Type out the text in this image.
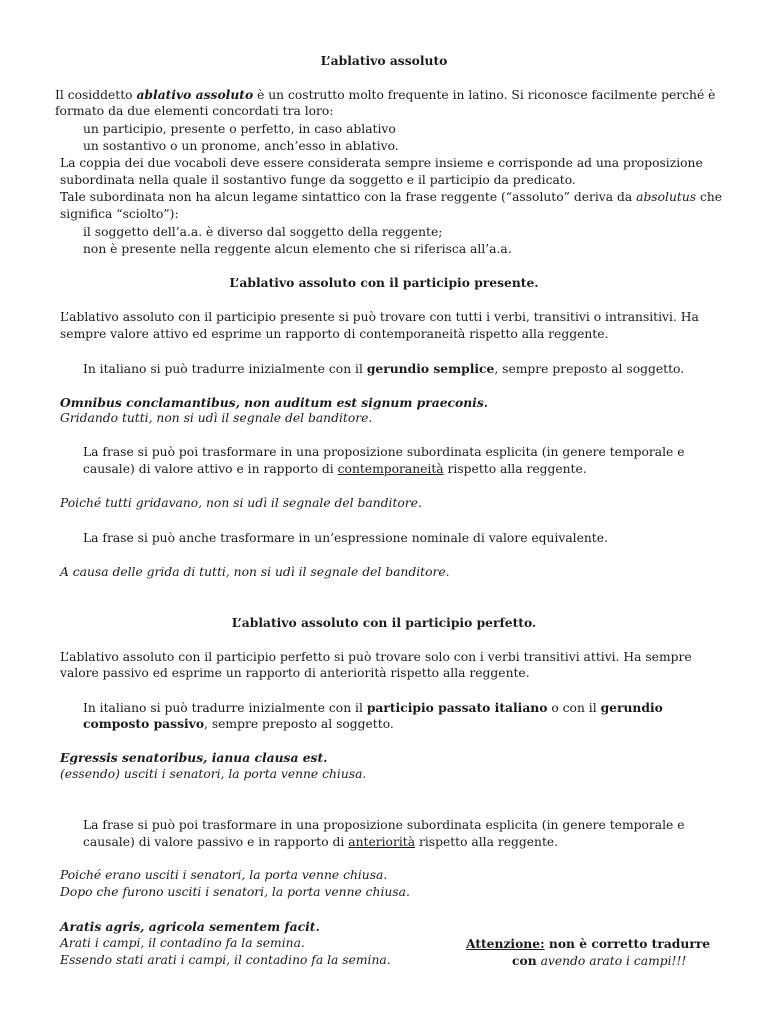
L’ablativo assoluto

Il cosiddetto ablativo assoluto è un costrutto molto frequente in latino. Si riconosce facilmente perché è

formato da due elementi concordati tra loro:

un participio, presente o perfetto, in caso ablativo

un sostantivo o un pronome, anch’esso in ablativo.

La coppia dei due vocaboli deve essere considerata sempre insieme e corrisponde ad una proposizione

subordinata nella quale il sostantivo funge da soggetto e il participio da predicato.

Tale subordinata non ha alcun legame sintattico con la frase reggente (“assoluto” deriva da absolutus che

significa “sciolto”):

il soggetto dell’a.a. è diverso dal soggetto della reggente;

non è presente nella reggente alcun elemento che si riferisca all’a.a.

L’ablativo assoluto con il participio presente.

L’ablativo assoluto con il participio presente si può trovare con tutti i verbi, transitivi o intransitivi. Ha

sempre valore attivo ed esprime un rapporto di contemporaneità rispetto alla reggente.

In italiano si può tradurre inizialmente con il gerundio semplice, sempre preposto al soggetto.

Omnibus conclamantibus, non auditum est signum praeconis.

Gridando tutti, non si udì il segnale del banditore.

La frase si può poi trasformare in una proposizione subordinata esplicita (in genere temporale e

causale) di valore attivo e in rapporto di contemporaneità rispetto alla reggente.

Poiché tutti gridavano, non si udì il segnale del banditore.

La frase si può anche trasformare in un’espressione nominale di valore equivalente.

A causa delle grida di tutti, non si udì il segnale del banditore.

L’ablativo assoluto con il participio perfetto.

L’ablativo assoluto con il participio perfetto si può trovare solo con i verbi transitivi attivi. Ha sempre

valore passivo ed esprime un rapporto di anteriorità rispetto alla reggente.

In italiano si può tradurre inizialmente con il participio passato italiano o con il gerundio

composto passivo, sempre preposto al soggetto.

Egressis senatoribus, ianua clausa est.

(essendo) usciti i senatori, la porta venne chiusa.

La frase si può poi trasformare in una proposizione subordinata esplicita (in genere temporale e

causale) di valore passivo e in rapporto di anteriorità rispetto alla reggente.

Poiché erano usciti i senatori, la porta venne chiusa.

Dopo che furono usciti i senatori, la porta venne chiusa.

Aratis agris, agricola sementem facit.

Arati i campi, il contadino fa la semina.

Essendo stati arati i campi, il contadino fa la semina.

Attenzione: non è corretto tradurre

con avendo arato i campi!!!
